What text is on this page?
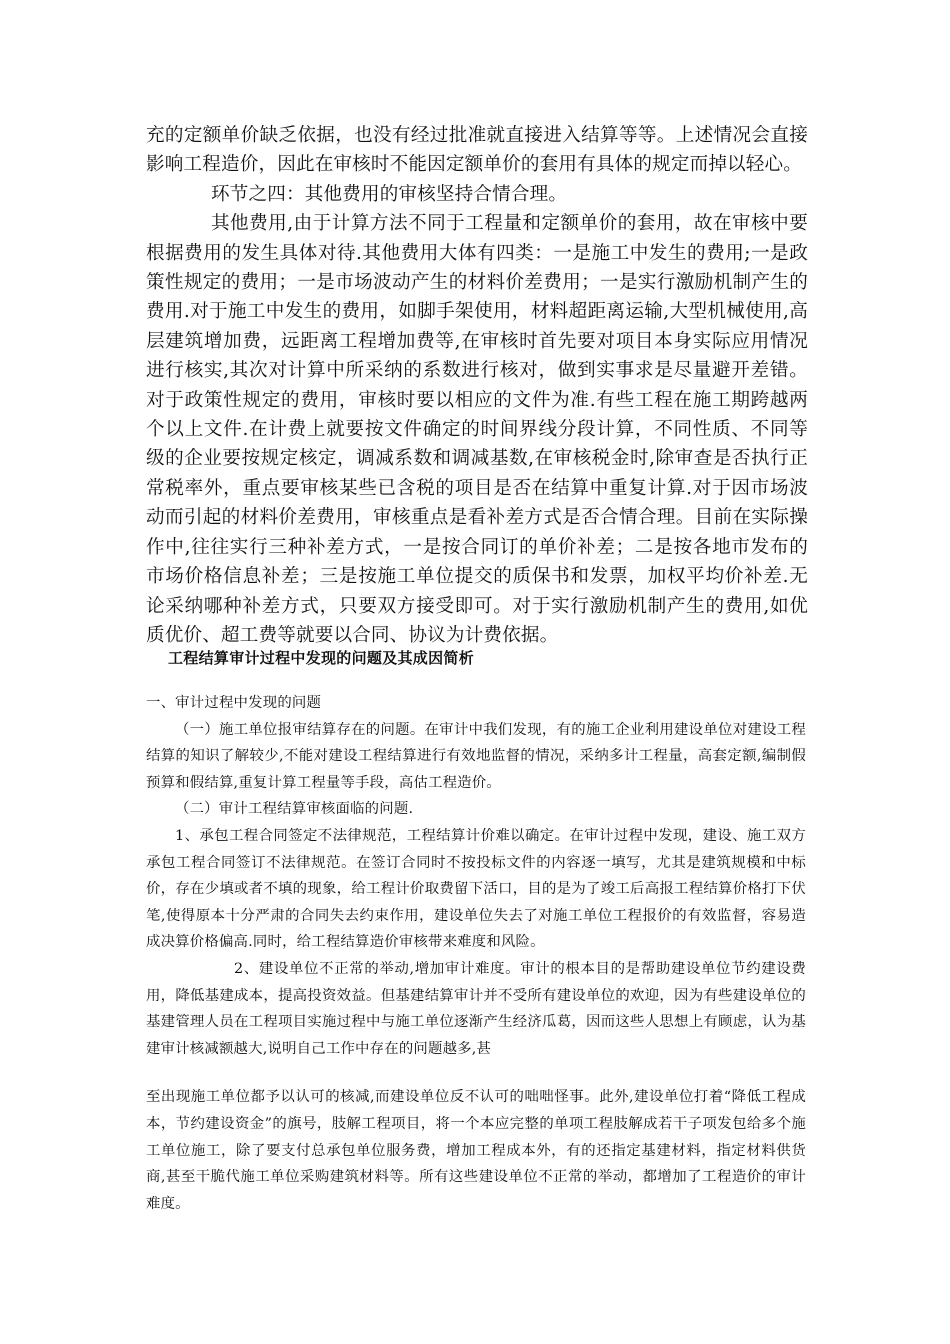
充的定额单价缺乏依据，也没有经过批准就直接进入结算等等。上述情况会直接影响工程造价，因此在审核时不能因定额单价的套用有具体的规定而掉以轻心。

环节之四：其他费用的审核坚持合情合理。

其他费用,由于计算方法不同于工程量和定额单价的套用，故在审核中要根据费用的发生具体对待.其他费用大体有四类：一是施工中发生的费用;一是政策性规定的费用；一是市场波动产生的材料价差费用；一是实行激励机制产生的费用.对于施工中发生的费用，如脚手架使用，材料超距离运输,大型机械使用,高层建筑增加费，远距离工程增加费等,在审核时首先要对项目本身实际应用情况进行核实,其次对计算中所采纳的系数进行核对，做到实事求是尽量避开差错。对于政策性规定的费用，审核时要以相应的文件为准.有些工程在施工期跨越两个以上文件.在计费上就要按文件确定的时间界线分段计算，不同性质、不同等级的企业要按规定核定，调减系数和调减基数,在审核税金时,除审查是否执行正常税率外，重点要审核某些已含税的项目是否在结算中重复计算.对于因市场波动而引起的材料价差费用，审核重点是看补差方式是否合情合理。目前在实际操作中,往往实行三种补差方式，一是按合同订的单价补差；二是按各地市发布的市场价格信息补差；三是按施工单位提交的质保书和发票，加权平均价补差.无论采纳哪种补差方式，只要双方接受即可。对于实行激励机制产生的费用,如优质优价、超工费等就要以合同、协议为计费依据。

工程结算审计过程中发现的问题及其成因简析

一、审计过程中发现的问题

（一）施工单位报审结算存在的问题。在审计中我们发现，有的施工企业利用建设单位对建设工程结算的知识了解较少,不能对建设工程结算进行有效地监督的情况，采纳多计工程量，高套定额,编制假预算和假结算,重复计算工程量等手段，高估工程造价。

（二）审计工程结算审核面临的问题.

1、承包工程合同签定不法律规范，工程结算计价难以确定。在审计过程中发现，建设、施工双方承包工程合同签订不法律规范。在签订合同时不按投标文件的内容逐一填写，尤其是建筑规模和中标价，存在少填或者不填的现象，给工程计价取费留下活口，目的是为了竣工后高报工程结算价格打下伏笔,使得原本十分严肃的合同失去约束作用，建设单位失去了对施工单位工程报价的有效监督，容易造成决算价格偏高.同时，给工程结算造价审核带来难度和风险。

2、建设单位不正常的举动,增加审计难度。审计的根本目的是帮助建设单位节约建设费用，降低基建成本，提高投资效益。但基建结算审计并不受所有建设单位的欢迎，因为有些建设单位的基建管理人员在工程项目实施过程中与施工单位逐渐产生经济瓜葛，因而这些人思想上有顾虑，认为基建审计核减额越大,说明自己工作中存在的问题越多,甚

至出现施工单位都予以认可的核减,而建设单位反不认可的咄咄怪事。此外,建设单位打着“降低工程成本，节约建设资金”的旗号，肢解工程项目，将一个本应完整的单项工程肢解成若干子项发包给多个施工单位施工，除了要支付总承包单位服务费，增加工程成本外，有的还指定基建材料，指定材料供货商,甚至干脆代施工单位采购建筑材料等。所有这些建设单位不正常的举动，都增加了工程造价的审计难度。
